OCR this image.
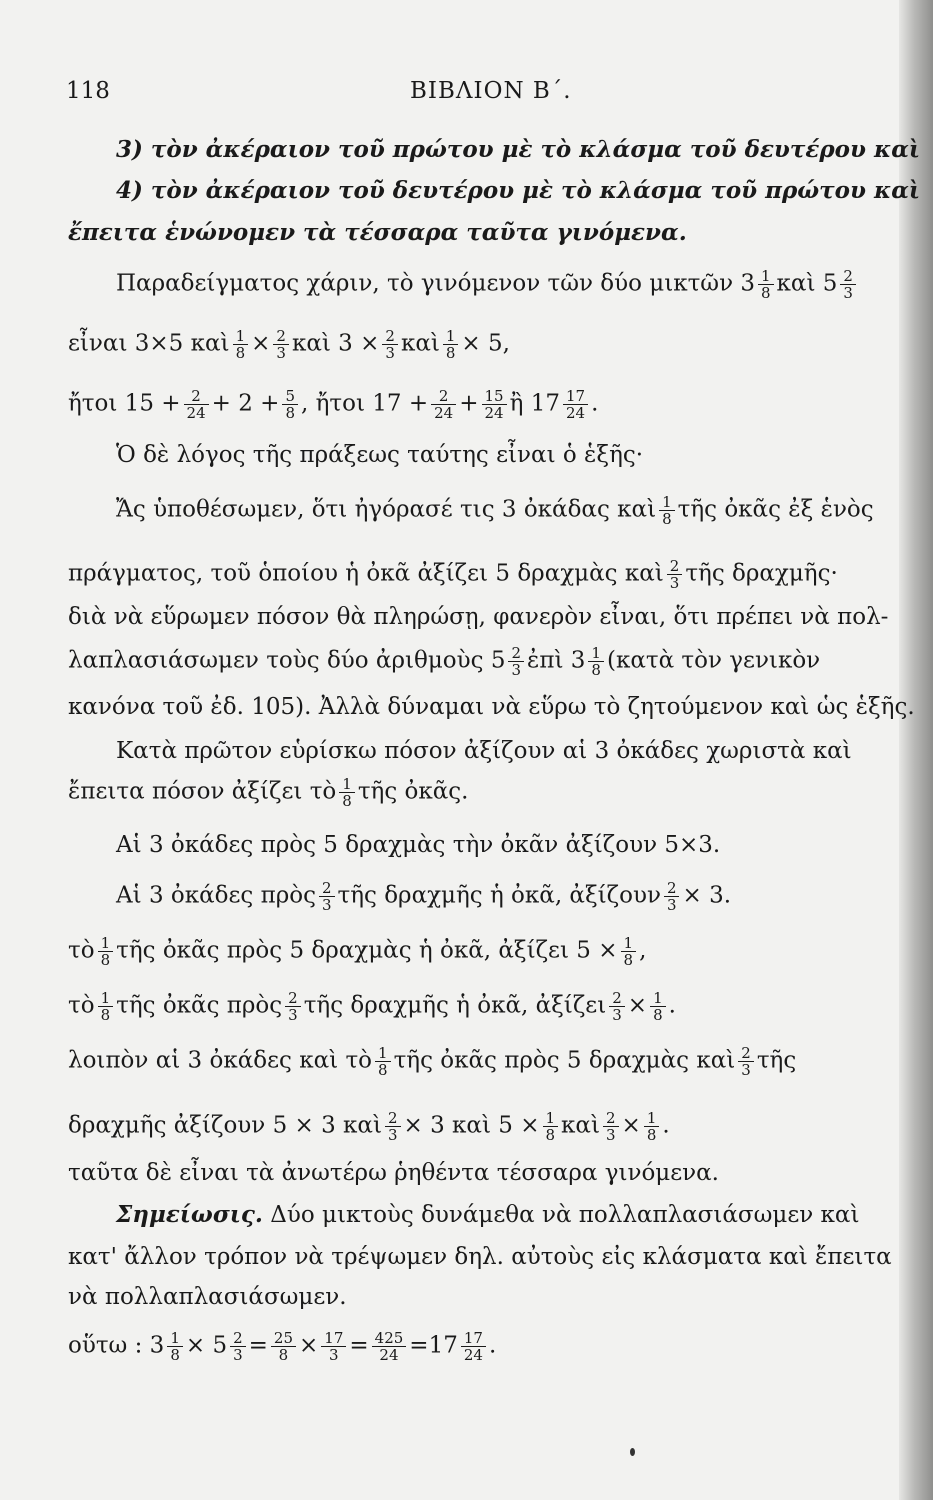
118	ΒΙΒΛΙΟΝ Β΄.
3) τὸν ἀκέραιον τοῦ πρώτου μὲ τὸ κλάσμα τοῦ δευτέρου καὶ
4) τὸν ἀκέραιον τοῦ δευτέρου μὲ τὸ κλάσμα τοῦ πρώτου καὶ
ἔπειτα ἑνώνομεν τὰ τέσσαρα ταῦτα γινόμενα.
Παραδείγματος χάριν, τὸ γινόμενον τῶν δύο μικτῶν $3 \frac{1}{8}$ καὶ $5 \frac{2}{3}$
εἶναι 3×5 καὶ $\frac{1}{8} \times \frac{2}{3}$ καὶ $3 \times \frac{2}{3}$ καὶ $\frac{1}{8} \times 5$,
ἤτοι $15 + \frac{2}{24} + 2 + \frac{5}{8}$ , ἤτοι $17 + \frac{2}{24} + \frac{15}{24}$ ἢ $17 \frac{17}{24}$ .
Ὁ δὲ λόγος τῆς πράξεως ταύτης εἶναι ὁ ἑξῆς·
Ἄς ὑποθέσωμεν, ὅτι ἠγόρασέ τις 3 ὀκάδας καὶ $\frac{1}{8}$ τῆς ὀκᾶς ἐξ ἑνὸς
πράγματος, τοῦ ὁποίου ἡ ὀκᾶ ἀξίζει 5 δραχμὰς καὶ $\frac{2}{3}$ τῆς δραχμῆς·
διὰ νὰ εὕρωμεν πόσον θὰ πληρώσῃ, φανερὸν εἶναι, ὅτι πρέπει νὰ πολ-
λαπλασιάσωμεν τοὺς δύο ἀριθμοὺς $5 \frac{2}{3}$ ἐπὶ $3 \frac{1}{8}$ (κατὰ τὸν γενικὸν
κανόνα τοῦ ἐδ. 105). Ἀλλὰ δύναμαι νὰ εὕρω τὸ ζητούμενον καὶ ὡς ἑξῆς.
Κατὰ πρῶτον εὑρίσκω πόσον ἀξίζουν αἱ 3 ὀκάδες χωριστὰ καὶ
ἔπειτα πόσον ἀξίζει τὸ $\frac{1}{8}$ τῆς ὀκᾶς.
Αἱ 3 ὀκάδες πρὸς 5 δραχμὰς τὴν ὀκᾶν ἀξίζουν 5×3.
Αἱ 3 ὀκάδες πρὸς $\frac{2}{3}$ τῆς δραχμῆς ἡ ὀκᾶ, ἀξίζουν $\frac{2}{3} \times 3$.
τὸ $\frac{1}{8}$ τῆς ὀκᾶς πρὸς 5 δραχμὰς ἡ ὀκᾶ, ἀξίζει $5 \times \frac{1}{8}$ ,
τὸ $\frac{1}{8}$ τῆς ὀκᾶς πρὸς $\frac{2}{3}$ τῆς δραχμῆς ἡ ὀκᾶ, ἀξίζει $\frac{2}{3} \times \frac{1}{8}$ .
λοιπὸν αἱ 3 ὀκάδες καὶ τὸ $\frac{1}{8}$ τῆς ὀκᾶς πρὸς 5 δραχμὰς καὶ $\frac{2}{3}$ τῆς
δραχμῆς ἀξίζουν 5 × 3 καὶ $\frac{2}{3} \times 3$ καὶ $5 \times \frac{1}{8}$ καὶ $\frac{2}{3} \times \frac{1}{8}$ .
ταῦτα δὲ εἶναι τὰ ἀνωτέρω ῥηθέντα τέσσαρα γινόμενα.
Σημείωσις. Δύο μικτοὺς δυνάμεθα νὰ πολλαπλασιάσωμεν καὶ
κατ' ἄλλον τρόπον νὰ τρέψωμεν δηλ. αὐτοὺς εἰς κλάσματα καὶ ἔπειτα
νὰ πολλαπλασιάσωμεν.
οὕτω : $3 \frac{1}{8} \times 5 \frac{2}{3} = \frac{25}{8} \times \frac{17}{3} = \frac{425}{24} =17 \frac{17}{24}$ .
